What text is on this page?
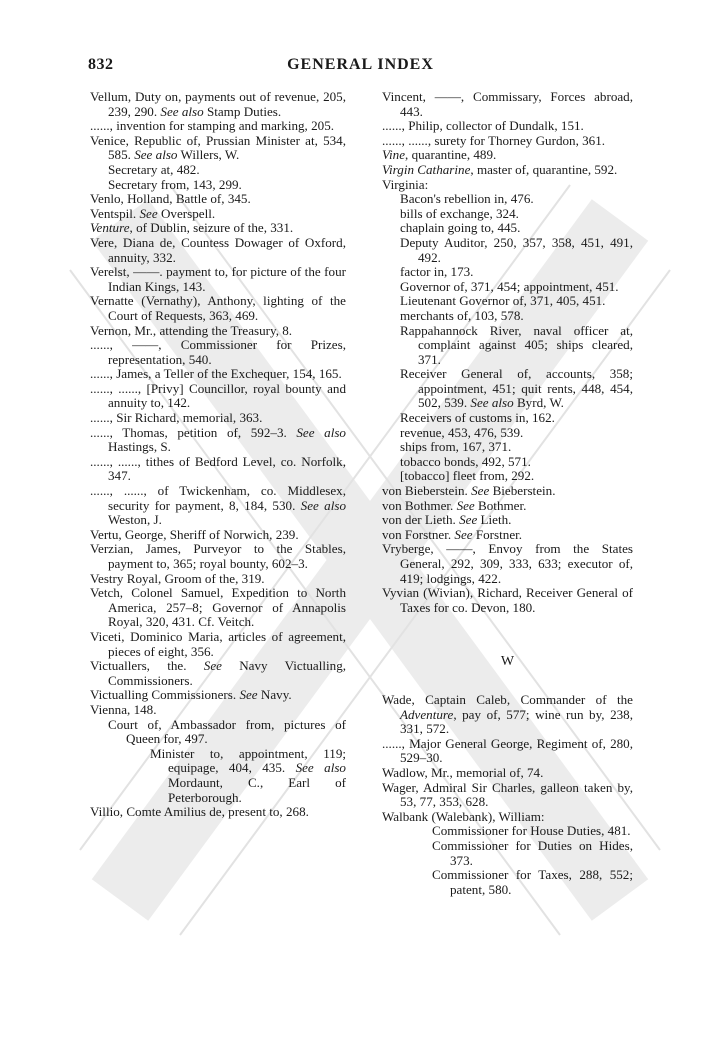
832	GENERAL INDEX
Vellum, Duty on, payments out of revenue, 205, 239, 290. See also Stamp Duties.
......, invention for stamping and marking, 205.
Venice, Republic of, Prussian Minister at, 534, 585. See also Willers, W.
Secretary at, 482.
Secretary from, 143, 299.
Venlo, Holland, Battle of, 345.
Ventspil. See Overspell.
Venture, of Dublin, seizure of the, 331.
Vere, Diana de, Countess Dowager of Oxford, annuity, 332.
Verelst, ——. payment to, for picture of the four Indian Kings, 143.
Vernatte (Vernathy), Anthony, lighting of the Court of Requests, 363, 469.
Vernon, Mr., attending the Treasury, 8.
......, ——, Commissioner for Prizes, representation, 540.
......, James, a Teller of the Exchequer, 154, 165.
......, ......, [Privy] Councillor, royal bounty and annuity to, 142.
......, Sir Richard, memorial, 363.
......, Thomas, petition of, 592–3. See also Hastings, S.
......, ......, tithes of Bedford Level, co. Norfolk, 347.
......, ......, of Twickenham, co. Middlesex, security for payment, 8, 184, 530. See also Weston, J.
Vertu, George, Sheriff of Norwich, 239.
Verzian, James, Purveyor to the Stables, payment to, 365; royal bounty, 602–3.
Vestry Royal, Groom of the, 319.
Vetch, Colonel Samuel, Expedition to North America, 257–8; Governor of Annapolis Royal, 320, 431. Cf. Veitch.
Viceti, Dominico Maria, articles of agreement, pieces of eight, 356.
Victuallers, the. See Navy Victualling, Commissioners.
Victualling Commissioners. See Navy.
Vienna, 148.
Court of, Ambassador from, pictures of Queen for, 497.
Minister to, appointment, 119; equipage, 404, 435. See also Mordaunt, C., Earl of Peterborough.
Villio, Comte Amilius de, present to, 268.
Vincent, ——, Commissary, Forces abroad, 443.
......, Philip, collector of Dundalk, 151.
......, ......, surety for Thorney Gurdon, 361.
Vine, quarantine, 489.
Virgin Catharine, master of, quarantine, 592.
Virginia:
Bacon's rebellion in, 476.
bills of exchange, 324.
chaplain going to, 445.
Deputy Auditor, 250, 357, 358, 451, 491, 492.
factor in, 173.
Governor of, 371, 454; appointment, 451.
Lieutenant Governor of, 371, 405, 451.
merchants of, 103, 578.
Rappahannock River, naval officer at, complaint against 405; ships cleared, 371.
Receiver General of, accounts, 358; appointment, 451; quit rents, 448, 454, 502, 539. See also Byrd, W.
Receivers of customs in, 162.
revenue, 453, 476, 539.
ships from, 167, 371.
tobacco bonds, 492, 571.
[tobacco] fleet from, 292.
von Bieberstein. See Bieberstein.
von Bothmer. See Bothmer.
von der Lieth. See Lieth.
von Forstner. See Forstner.
Vryberge, ——, Envoy from the States General, 292, 309, 333, 633; executor of, 419; lodgings, 422.
Vyvian (Wivian), Richard, Receiver General of Taxes for co. Devon, 180.
W
Wade, Captain Caleb, Commander of the Adventure, pay of, 577; wine run by, 238, 331, 572.
......, Major General George, Regiment of, 280, 529–30.
Wadlow, Mr., memorial of, 74.
Wager, Admiral Sir Charles, galleon taken by, 53, 77, 353, 628.
Walbank (Walebank), William:
Commissioner for House Duties, 481.
Commissioner for Duties on Hides, 373.
Commissioner for Taxes, 288, 552; patent, 580.
